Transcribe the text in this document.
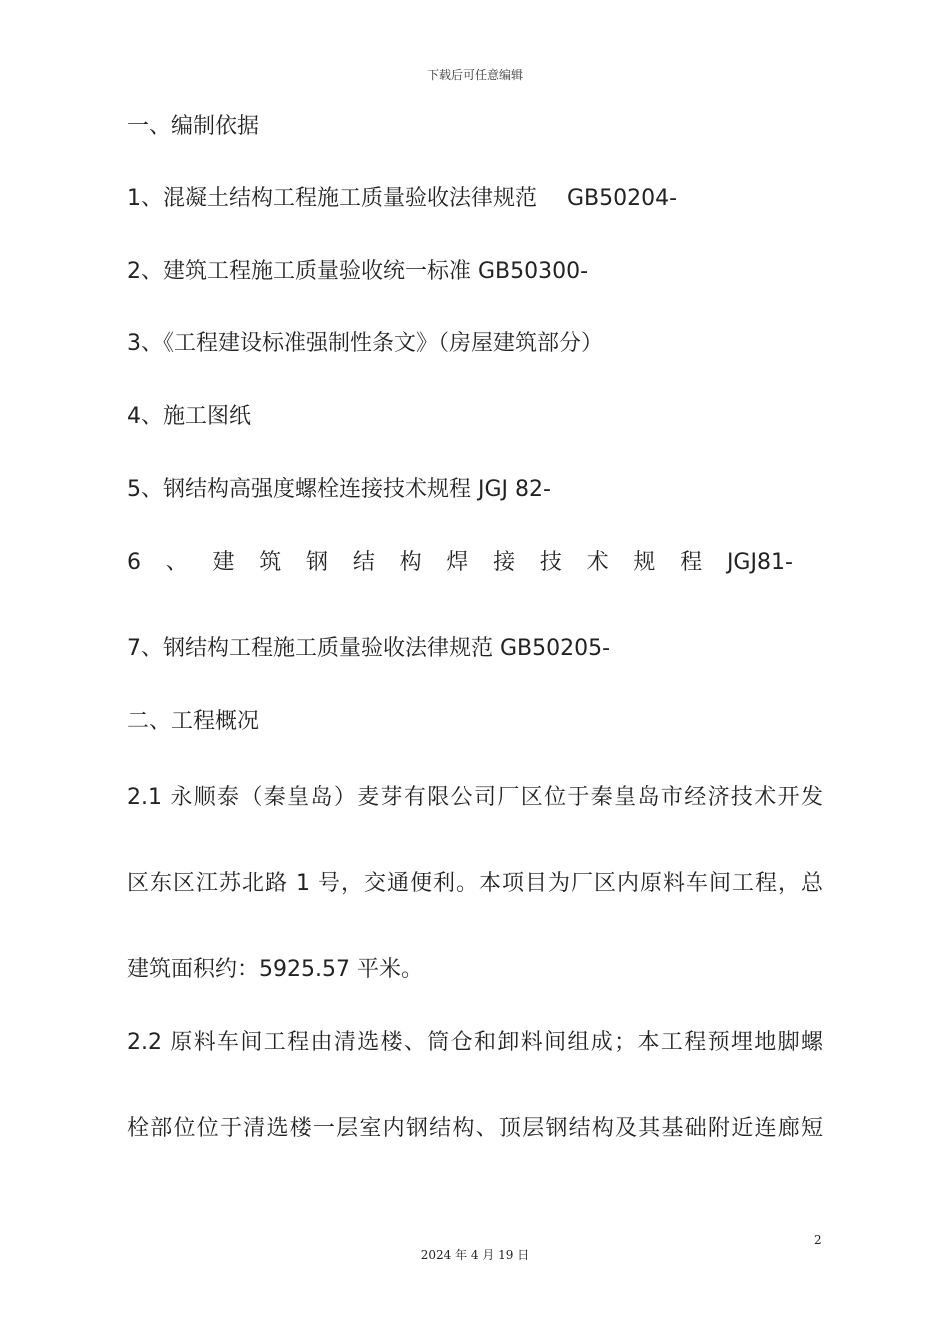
下载后可任意编辑
一、编制依据
1、混凝土结构工程施工质量验收法律规范 GB50204-
2、建筑工程施工质量验收统一标准 GB50300-
3、《工程建设标准强制性条文》（房屋建筑部分）
4、施工图纸
5、钢结构高强度螺栓连接技术规程 JGJ 82-
6 、 建 筑 钢 结 构 焊 接 技 术 规 程 JGJ81-
7、钢结构工程施工质量验收法律规范 GB50205-
二、工程概况
2.1 永顺泰（秦皇岛）麦芽有限公司厂区位于秦皇岛市经济技术开发
区东区江苏北路 1 号，交通便利。本项目为厂区内原料车间工程，总
建筑面积约：5925.57 平米。
2.2 原料车间工程由清选楼、筒仓和卸料间组成；本工程预埋地脚螺
栓部位位于清选楼一层室内钢结构、顶层钢结构及其基础附近连廊短
2
2024 年 4 月 19 日
